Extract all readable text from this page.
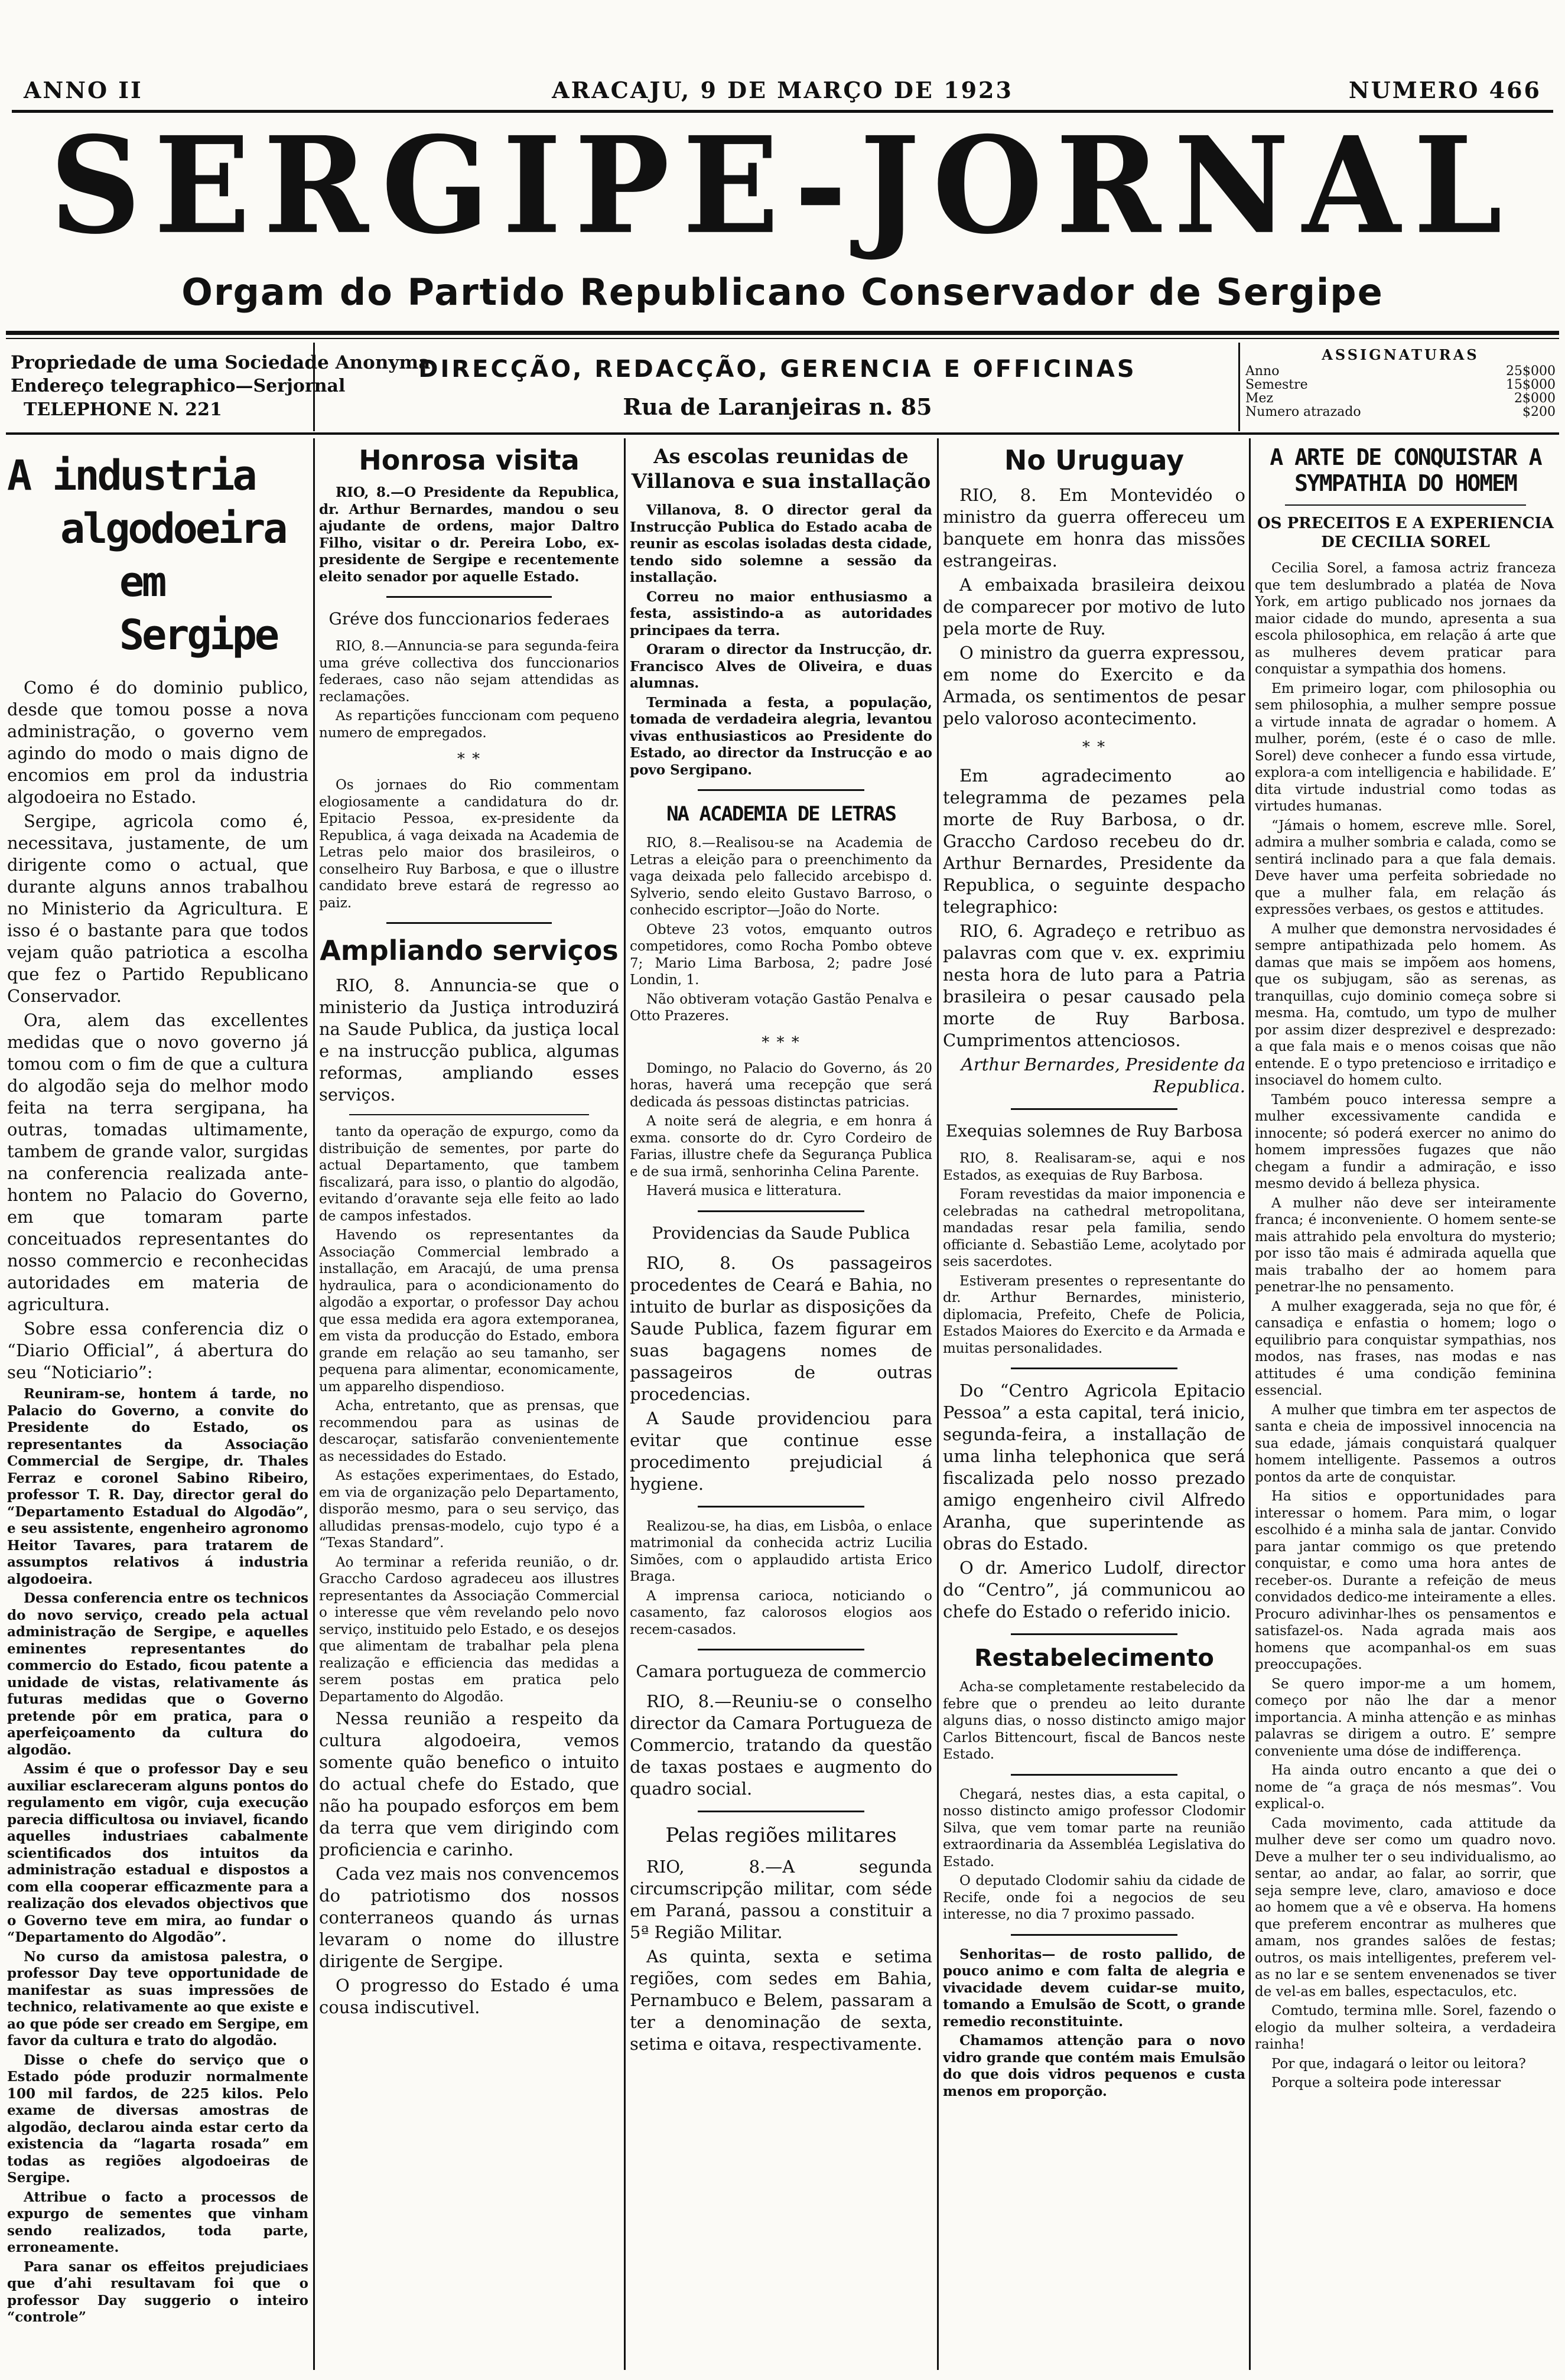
ANNO II	ARACAJU, 9 DE MARÇO DE 1923	NUMERO 466
SERGIPE-JORNAL
Orgam do Partido Republicano Conservador de Sergipe
Propriedade de uma Sociedade Anonyma
Endereço telegraphico—Serjornal
TELEPHONE N. 221
DIRECÇÃO, REDACÇÃO, GERENCIA E OFFICINAS
Rua de Laranjeiras n. 85
ASSIGNATURAS
Anno	25$000
Semestre	15$000
Mez	2$000
Numero atrazado	$200
A industria
algodoeira
em Sergipe

Como é do dominio publico, desde que tomou posse a nova administração, o governo vem agindo do modo o mais digno de encomios em prol da industria algodoeira no Estado.

Sergipe, agricola como é, necessitava, justamente, de um dirigente como o actual, que durante alguns annos trabalhou no Ministerio da Agricultura. E isso é o bastante para que todos vejam quão patriotica a escolha que fez o Partido Republicano Conservador.

Ora, alem das excellentes medidas que o novo governo já tomou com o fim de que a cultura do algodão seja do melhor modo feita na terra sergipana, ha outras, tomadas ultimamente, tambem de grande valor, surgidas na conferencia realizada ante-hontem no Palacio do Governo, em que tomaram parte conceituados representantes do nosso commercio e reconhecidas autoridades em materia de agricultura.

Sobre essa conferencia diz o “Diario Official”, á abertura do seu “Noticiario”:

Reuniram-se, hontem á tarde, no Palacio do Governo, a convite do Presidente do Estado, os representantes da Associação Commercial de Sergipe, dr. Thales Ferraz e coronel Sabino Ribeiro, professor T. R. Day, director geral do “Departamento Estadual do Algodão”, e seu assistente, engenheiro agronomo Heitor Tavares, para tratarem de assumptos relativos á industria algodoeira.

Dessa conferencia entre os technicos do novo serviço, creado pela actual administração de Sergipe, e aquelles eminentes representantes do commercio do Estado, ficou patente a unidade de vistas, relativamente ás futuras medidas que o Governo pretende pôr em pratica, para o aperfeiçoamento da cultura do algodão.

Assim é que o professor Day e seu auxiliar esclareceram alguns pontos do regulamento em vigôr, cuja execução parecia difficultosa ou inviavel, ficando aquelles industriaes cabalmente scientificados dos intuitos da administração estadual e dispostos a com ella cooperar efficazmente para a realização dos elevados objectivos que o Governo teve em mira, ao fundar o “Departamento do Algodão”.

No curso da amistosa palestra, o professor Day teve opportunidade de manifestar as suas impressões de technico, relativamente ao que existe e ao que póde ser creado em Sergipe, em favor da cultura e trato do algodão.

Disse o chefe do serviço que o Estado póde produzir normalmente 100 mil fardos, de 225 kilos. Pelo exame de diversas amostras de algodão, declarou ainda estar certo da existencia da “lagarta rosada” em todas as regiões algodoeiras de Sergipe.

Attribue o facto a processos de expurgo de sementes que vinham sendo realizados, toda parte, erroneamente.

Para sanar os effeitos prejudiciaes que d’ahi resultavam foi que o professor Day suggerio o inteiro “controle”

Honrosa visita

RIO, 8.—O Presidente da Republica, dr. Arthur Bernardes, mandou o seu ajudante de ordens, major Daltro Filho, visitar o dr. Pereira Lobo, ex-presidente de Sergipe e recentemente eleito senador por aquelle Estado.

Gréve dos funccionarios federaes

RIO, 8.—Annuncia-se para segunda-feira uma gréve collectiva dos funccionarios federaes, caso não sejam attendidas as reclamações.

As repartições funccionam com pequeno numero de empregados.

* *

Os jornaes do Rio commentam elogiosamente a candidatura do dr. Epitacio Pessoa, ex-presidente da Republica, á vaga deixada na Academia de Letras pelo maior dos brasileiros, o conselheiro Ruy Barbosa, e que o illustre candidato breve estará de regresso ao paiz.

Ampliando serviços

RIO, 8. Annuncia-se que o ministerio da Justiça introduzirá na Saude Publica, da justiça local e na instrucção publica, algumas reformas, ampliando esses serviços.

tanto da operação de expurgo, como da distribuição de sementes, por parte do actual Departamento, que tambem fiscalizará, para isso, o plantio do algodão, evitando d’oravante seja elle feito ao lado de campos infestados.

Havendo os representantes da Associação Commercial lembrado a installação, em Aracajú, de uma prensa hydraulica, para o acondicionamento do algodão a exportar, o professor Day achou que essa medida era agora extemporanea, em vista da producção do Estado, embora grande em relação ao seu tamanho, ser pequena para alimentar, economicamente, um apparelho dispendioso.

Acha, entretanto, que as prensas, que recommendou para as usinas de descaroçar, satisfarão convenientemente as necessidades do Estado.

As estações experimentaes, do Estado, em via de organização pelo Departamento, disporão mesmo, para o seu serviço, das alludidas prensas-modelo, cujo typo é a “Texas Standard”.

Ao terminar a referida reunião, o dr. Graccho Cardoso agradeceu aos illustres representantes da Associação Commercial o interesse que vêm revelando pelo novo serviço, instituido pelo Estado, e os desejos que alimentam de trabalhar pela plena realização e efficiencia das medidas a serem postas em pratica pelo Departamento do Algodão.

Nessa reunião a respeito da cultura algodoeira, vemos somente quão benefico o intuito do actual chefe do Estado, que não ha poupado esforços em bem da terra que vem dirigindo com proficiencia e carinho.

Cada vez mais nos convencemos do patriotismo dos nossos conterraneos quando ás urnas levaram o nome do illustre dirigente de Sergipe.

O progresso do Estado é uma cousa indiscutivel.

As escolas reunidas de Villanova e sua installação

Villanova, 8. O director geral da Instrucção Publica do Estado acaba de reunir as escolas isoladas desta cidade, tendo sido solemne a sessão da installação.

Correu no maior enthusiasmo a festa, assistindo-a as autoridades principaes da terra.

Oraram o director da Instrucção, dr. Francisco Alves de Oliveira, e duas alumnas.

Terminada a festa, a população, tomada de verdadeira alegria, levantou vivas enthusiasticos ao Presidente do Estado, ao director da Instrucção e ao povo Sergipano.

NA ACADEMIA DE LETRAS

RIO, 8.—Realisou-se na Academia de Letras a eleição para o preenchimento da vaga deixada pelo fallecido arcebispo d. Sylverio, sendo eleito Gustavo Barroso, o conhecido escriptor—João do Norte.

Obteve 23 votos, emquanto outros competidores, como Rocha Pombo obteve 7; Mario Lima Barbosa, 2; padre José Londin, 1.

Não obtiveram votação Gastão Penalva e Otto Prazeres.

* * *

Domingo, no Palacio do Governo, ás 20 horas, haverá uma recepção que será dedicada ás pessoas distinctas patricias.

A noite será de alegria, e em honra á exma. consorte do dr. Cyro Cordeiro de Farias, illustre chefe da Segurança Publica e de sua irmã, senhorinha Celina Parente.

Haverá musica e litteratura.

Providencias da Saude Publica

RIO, 8. Os passageiros procedentes de Ceará e Bahia, no intuito de burlar as disposições da Saude Publica, fazem figurar em suas bagagens nomes de passageiros de outras procedencias.

A Saude providenciou para evitar que continue esse procedimento prejudicial á hygiene.

Realizou-se, ha dias, em Lisbôa, o enlace matrimonial da conhecida actriz Lucilia Simões, com o applaudido artista Erico Braga.

A imprensa carioca, noticiando o casamento, faz calorosos elogios aos recem-casados.

Camara portugueza de commercio

RIO, 8.—Reuniu-se o conselho director da Camara Portugueza de Commercio, tratando da questão de taxas postaes e augmento do quadro social.

Pelas regiões militares

RIO, 8.—A segunda circumscripção militar, com séde em Paraná, passou a constituir a 5ª Região Militar.

As quinta, sexta e setima regiões, com sedes em Bahia, Pernambuco e Belem, passaram a ter a denominação de sexta, setima e oitava, respectivamente.

No Uruguay

RIO, 8. Em Montevidéo o ministro da guerra offereceu um banquete em honra das missões estrangeiras.

A embaixada brasileira deixou de comparecer por motivo de luto pela morte de Ruy.

O ministro da guerra expressou, em nome do Exercito e da Armada, os sentimentos de pesar pelo valoroso acontecimento.

* *

Em agradecimento ao telegramma de pezames pela morte de Ruy Barbosa, o dr. Graccho Cardoso recebeu do dr. Arthur Bernardes, Presidente da Republica, o seguinte despacho telegraphico:

RIO, 6. Agradeço e retribuo as palavras com que v. ex. exprimiu nesta hora de luto para a Patria brasileira o pesar causado pela morte de Ruy Barbosa. Cumprimentos attenciosos.

Arthur Bernardes, Presidente da Republica.

Exequias solemnes de Ruy Barbosa

RIO, 8. Realisaram-se, aqui e nos Estados, as exequias de Ruy Barbosa.

Foram revestidas da maior imponencia e celebradas na cathedral metropolitana, mandadas resar pela familia, sendo officiante d. Sebastião Leme, acolytado por seis sacerdotes.

Estiveram presentes o representante do dr. Arthur Bernardes, ministerio, diplomacia, Prefeito, Chefe de Policia, Estados Maiores do Exercito e da Armada e muitas personalidades.

Do “Centro Agricola Epitacio Pessoa” a esta capital, terá inicio, segunda-feira, a installação de uma linha telephonica que será fiscalizada pelo nosso prezado amigo engenheiro civil Alfredo Aranha, que superintende as obras do Estado.

O dr. Americo Ludolf, director do “Centro”, já communicou ao chefe do Estado o referido inicio.

Restabelecimento

Acha-se completamente restabelecido da febre que o prendeu ao leito durante alguns dias, o nosso distincto amigo major Carlos Bittencourt, fiscal de Bancos neste Estado.

Chegará, nestes dias, a esta capital, o nosso distincto amigo professor Clodomir Silva, que vem tomar parte na reunião extraordinaria da Assembléa Legislativa do Estado.

O deputado Clodomir sahiu da cidade de Recife, onde foi a negocios de seu interesse, no dia 7 proximo passado.

Senhoritas— de rosto pallido, de pouco animo e com falta de alegria e vivacidade devem cuidar-se muito, tomando a Emulsão de Scott, o grande remedio reconstituinte.

Chamamos attenção para o novo vidro grande que contém mais Emulsão do que dois vidros pequenos e custa menos em proporção.

A ARTE DE CONQUISTAR A SYMPATHIA DO HOMEM
OS PRECEITOS E A EXPERIENCIA DE CECILIA SOREL

Cecilia Sorel, a famosa actriz franceza que tem deslumbrado a platéa de Nova York, em artigo publicado nos jornaes da maior cidade do mundo, apresenta a sua escola philosophica, em relação á arte que as mulheres devem praticar para conquistar a sympathia dos homens.

Em primeiro logar, com philosophia ou sem philosophia, a mulher sempre possue a virtude innata de agradar o homem. A mulher, porém, (este é o caso de mlle. Sorel) deve conhecer a fundo essa virtude, explora-a com intelligencia e habilidade. E’ dita virtude industrial como todas as virtudes humanas.

“Jámais o homem, escreve mlle. Sorel, admira a mulher sombria e calada, como se sentirá inclinado para a que fala demais. Deve haver uma perfeita sobriedade no que a mulher fala, em relação ás expressões verbaes, os gestos e attitudes.

A mulher que demonstra nervosidades é sempre antipathizada pelo homem. As damas que mais se impõem aos homens, que os subjugam, são as serenas, as tranquillas, cujo dominio começa sobre si mesma. Ha, comtudo, um typo de mulher por assim dizer desprezivel e desprezado: a que fala mais e o menos coisas que não entende. E o typo pretencioso e irritadiço e insociavel do homem culto.

Também pouco interessa sempre a mulher excessivamente candida e innocente; só poderá exercer no animo do homem impressões fugazes que não chegam a fundir a admiração, e isso mesmo devido á belleza physica.

A mulher não deve ser inteiramente franca; é inconveniente. O homem sente-se mais attrahido pela envoltura do mysterio; por isso tão mais é admirada aquella que mais trabalho der ao homem para penetrar-lhe no pensamento.

A mulher exaggerada, seja no que fôr, é cansadiça e enfastia o homem; logo o equilibrio para conquistar sympathias, nos modos, nas frases, nas modas e nas attitudes é uma condição feminina essencial.

A mulher que timbra em ter aspectos de santa e cheia de impossivel innocencia na sua edade, jámais conquistará qualquer homem intelligente. Passemos a outros pontos da arte de conquistar.

Ha sitios e opportunidades para interessar o homem. Para mim, o logar escolhido é a minha sala de jantar. Convido para jantar commigo os que pretendo conquistar, e como uma hora antes de receber-os. Durante a refeição de meus convidados dedico-me inteiramente a elles. Procuro adivinhar-lhes os pensamentos e satisfazel-os. Nada agrada mais aos homens que acompanhal-os em suas preoccupações.

Se quero impor-me a um homem, começo por não lhe dar a menor importancia. A minha attenção e as minhas palavras se dirigem a outro. E’ sempre conveniente uma dóse de indifferença.

Ha ainda outro encanto a que dei o nome de “a graça de nós mesmas”. Vou explical-o.

Cada movimento, cada attitude da mulher deve ser como um quadro novo. Deve a mulher ter o seu individualismo, ao sentar, ao andar, ao falar, ao sorrir, que seja sempre leve, claro, amavioso e doce ao homem que a vê e observa. Ha homens que preferem encontrar as mulheres que amam, nos grandes salões de festas; outros, os mais intelligentes, preferem vel-as no lar e se sentem envenenados se tiver de vel-as em balles, espectaculos, etc.

Comtudo, termina mlle. Sorel, fazendo o elogio da mulher solteira, a verdadeira rainha!

Por que, indagará o leitor ou leitora?

Porque a solteira pode interessar
